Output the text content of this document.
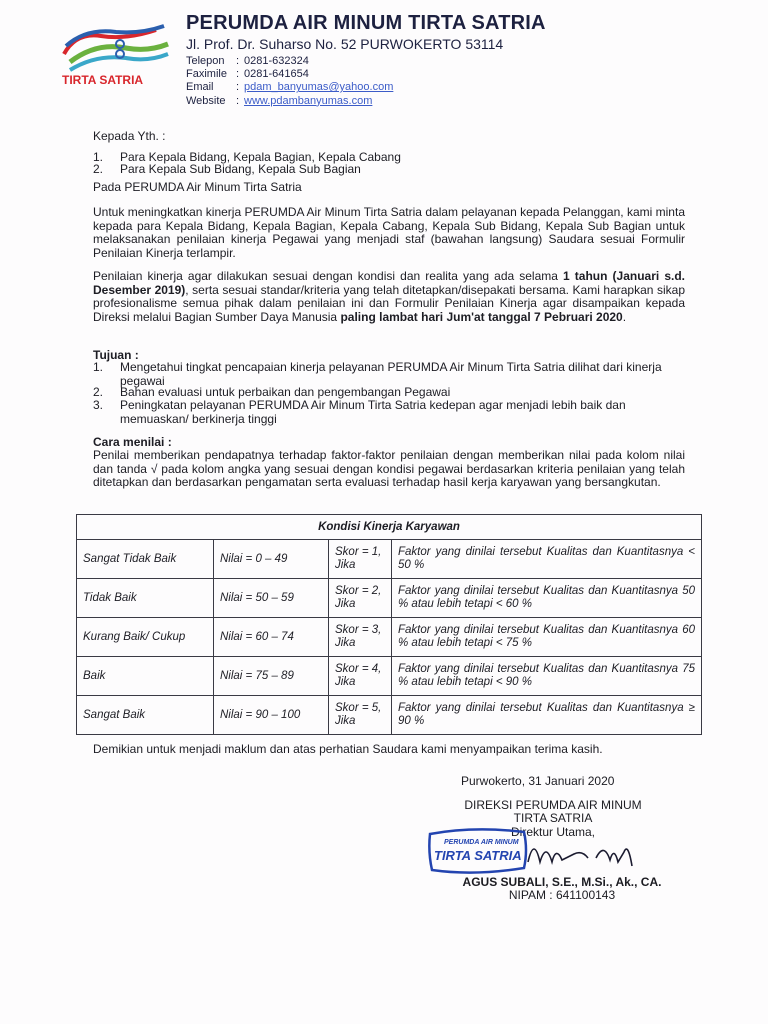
TIRTA SATRIA
PERUMDA AIR MINUM TIRTA SATRIA
Jl. Prof. Dr. Suharso No. 52 PURWOKERTO 53114
Telepon	: 0281-632324
Faximile : 0281-641654
Email	: pdam_banyumas@yahoo.com
Website : www.pdambanyumas.com
Kepada Yth. :
1.	Para Kepala Bidang, Kepala Bagian, Kepala Cabang
2.	Para Kepala Sub Bidang, Kepala Sub Bagian
Pada PERUMDA Air Minum Tirta Satria
Untuk meningkatkan kinerja PERUMDA Air Minum Tirta Satria dalam pelayanan kepada Pelanggan, kami minta kepada para Kepala Bidang, Kepala Bagian, Kepala Cabang, Kepala Sub Bidang, Kepala Sub Bagian untuk melaksanakan penilaian kinerja Pegawai yang menjadi staf (bawahan langsung) Saudara sesuai Formulir Penilaian Kinerja terlampir.
Penilaian kinerja agar dilakukan sesuai dengan kondisi dan realita yang ada selama 1 tahun (Januari s.d. Desember 2019), serta sesuai standar/kriteria yang telah ditetapkan/disepakati bersama. Kami harapkan sikap profesionalisme semua pihak dalam penilaian ini dan Formulir Penilaian Kinerja agar disampaikan kepada Direksi melalui Bagian Sumber Daya Manusia paling lambat hari Jum'at tanggal 7 Pebruari 2020.
Tujuan :
1.	Mengetahui tingkat pencapaian kinerja pelayanan PERUMDA Air Minum Tirta Satria dilihat dari kinerja pegawai
2.	Bahan evaluasi untuk perbaikan dan pengembangan Pegawai
3.	Peningkatan pelayanan PERUMDA Air Minum Tirta Satria kedepan agar menjadi lebih baik dan memuaskan/ berkinerja tinggi
Cara menilai :
Penilai memberikan pendapatnya terhadap faktor-faktor penilaian dengan memberikan nilai pada kolom nilai dan tanda √ pada kolom angka yang sesuai dengan kondisi pegawai berdasarkan kriteria penilaian yang telah ditetapkan dan berdasarkan pengamatan serta evaluasi terhadap hasil kerja karyawan yang bersangkutan.
Kondisi Kinerja Karyawan			
Sangat Tidak Baik	Nilai = 0 – 49	Skor = 1, Jika	Faktor yang dinilai tersebut Kualitas dan Kuantitasnya < 50 %
Tidak Baik	Nilai = 50 – 59	Skor = 2, Jika	Faktor yang dinilai tersebut Kualitas dan Kuantitasnya 50 % atau lebih tetapi < 60 %
Kurang Baik/ Cukup	Nilai = 60 – 74	Skor = 3, Jika	Faktor yang dinilai tersebut Kualitas dan Kuantitasnya 60 % atau lebih tetapi < 75 %
Baik	Nilai = 75 – 89	Skor = 4, Jika	Faktor yang dinilai tersebut Kualitas dan Kuantitasnya 75 % atau lebih tetapi < 90 %
Sangat Baik	Nilai = 90 – 100	Skor = 5, Jika	Faktor yang dinilai tersebut Kualitas dan Kuantitasnya ≥ 90 %
Demikian untuk menjadi maklum dan atas perhatian Saudara kami menyampaikan terima kasih.
Purwokerto, 31 Januari 2020
DIREKSI PERUMDA AIR MINUM
TIRTA SATRIA
Direktur Utama,
PERUMDA AIR MINUM
TIRTA SATRIA
AGUS SUBALI, S.E., M.Si., Ak., CA.
NIPAM : 641100143
